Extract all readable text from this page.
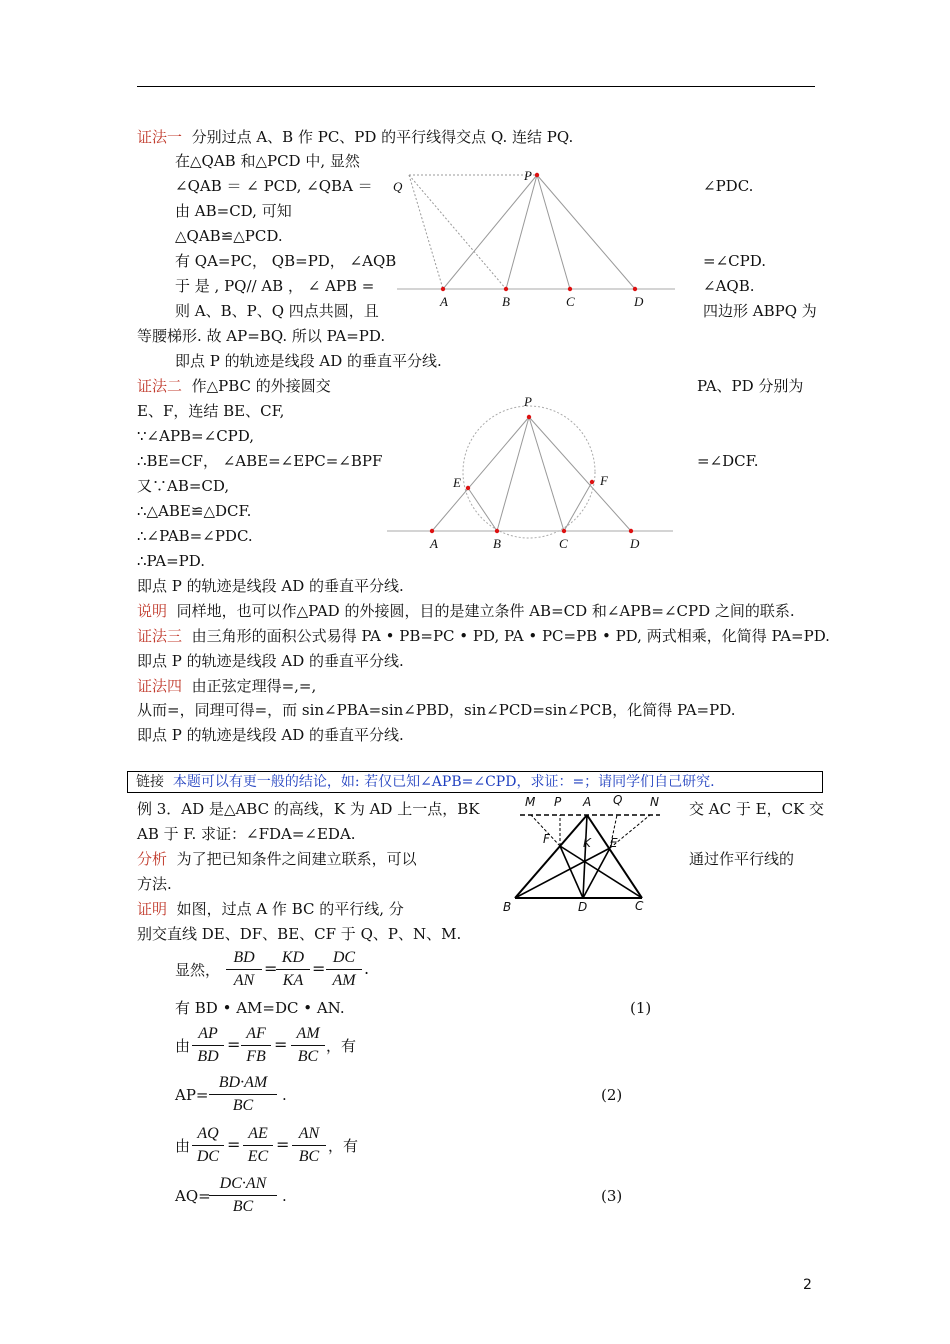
证法一 分别过点 A、B 作 PC、PD 的平行线得交点 Q. 连结 PQ.
在△QAB 和△PCD 中, 显然
∠QAB ＝ ∠ PCD, ∠QBA ＝	∠PDC.
由 AB=CD, 可知
△QAB≌△PCD.
有 QA=PC， QB=PD， ∠AQB	=∠CPD.
于 是 , PQ// AB ， ∠ APB =	∠AQB.
则 A、B、P、Q 四点共圆，且	四边形 ABPQ 为
等腰梯形. 故 AP=BQ. 所以 PA=PD.
即点 P 的轨迹是线段 AD 的垂直平分线.
Q
P
A	B	C	D
证法二 作△PBC 的外接圆交	PA、PD 分别为
E、F，连结 BE、CF,
∵∠APB=∠CPD,
∴BE=CF， ∠ABE=∠EPC=∠BPF	=∠DCF.
又∵AB=CD,
∴△ABE≌△DCF.
∴∠PAB=∠PDC.
∴PA=PD.
即点 P 的轨迹是线段 AD 的垂直平分线.
P
E	F
A	B	C	D
说明 同样地，也可以作△PAD 的外接圆，目的是建立条件 AB=CD 和∠APB=∠CPD 之间的联系.
证法三 由三角形的面积公式易得 PA • PB=PC • PD, PA • PC=PB • PD, 两式相乘，化简得 PA=PD.
即点 P 的轨迹是线段 AD 的垂直平分线.
证法四 由正弦定理得=,=,
从而=，同理可得=，而 sin∠PBA=sin∠PBD，sin∠PCD=sin∠PCB，化简得 PA=PD.
即点 P 的轨迹是线段 AD 的垂直平分线.
链接 本题可以有更一般的结论，如: 若仅已知∠APB=∠CPD，求证：=；请同学们自己研究.
例 3．AD 是△ABC 的高线，K 为 AD 上一点，BK	交 AC 于 E，CK 交
AB 于 F. 求证：∠FDA=∠EDA.
分析 为了把已知条件之间建立联系，可以	通过作平行线的
方法.
证明 如图，过点 A 作 BC 的平行线, 分
别交直线 DE、DF、BE、CF 于 Q、P、N、M.
M P A Q N
F	K E
B	D	C
显然， $\frac{BD}{AN}$ =
$\frac{KD}{KA} = \frac{DC}{AM}$ .
有 BD • AM=DC • AN.	(1)
由 $\frac{AP}{BD} = \frac{AF}{FB} = \frac{AM}{BC}$ ，有
$AP= \frac{BD\cdot AM}{BC}$ .	(2)
由 $\frac{AQ}{DC} = \frac{AE}{EC} = \frac{AN}{BC}$ ，有
AQ=
$\frac{DC\cdot AN}{BC}$ .	(3)
2
